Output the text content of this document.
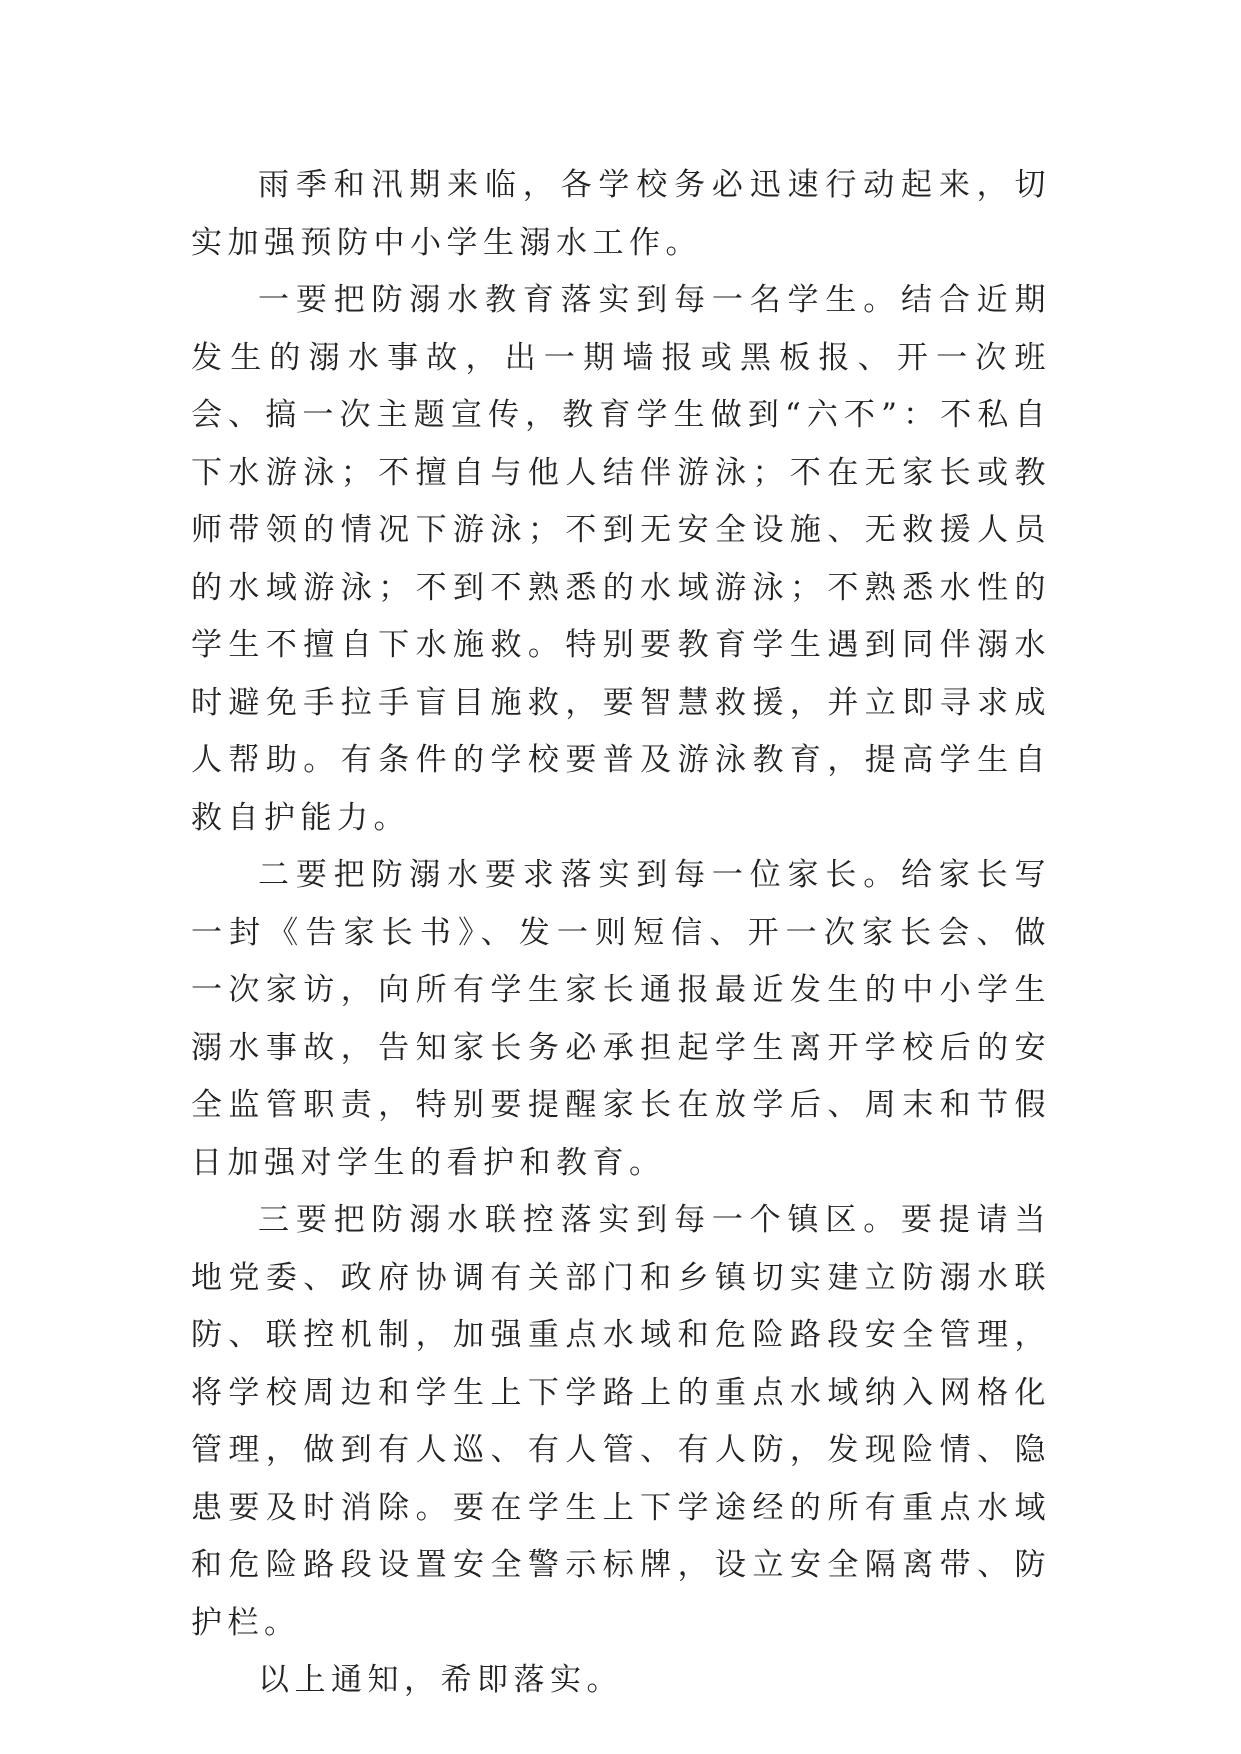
雨季和汛期来临，各学校务必迅速行动起来，切实加强预防中小学生溺水工作。

一要把防溺水教育落实到每一名学生。结合近期发生的溺水事故，出一期墙报或黑板报、开一次班会、搞一次主题宣传，教育学生做到“六不”：不私自下水游泳；不擅自与他人结伴游泳；不在无家长或教师带领的情况下游泳；不到无安全设施、无救援人员的水域游泳；不到不熟悉的水域游泳；不熟悉水性的学生不擅自下水施救。特别要教育学生遇到同伴溺水时避免手拉手盲目施救，要智慧救援，并立即寻求成人帮助。有条件的学校要普及游泳教育，提高学生自救自护能力。

二要把防溺水要求落实到每一位家长。给家长写一封《告家长书》、发一则短信、开一次家长会、做一次家访，向所有学生家长通报最近发生的中小学生溺水事故，告知家长务必承担起学生离开学校后的安全监管职责，特别要提醒家长在放学后、周末和节假日加强对学生的看护和教育。

三要把防溺水联控落实到每一个镇区。要提请当地党委、政府协调有关部门和乡镇切实建立防溺水联防、联控机制，加强重点水域和危险路段安全管理，将学校周边和学生上下学路上的重点水域纳入网格化管理，做到有人巡、有人管、有人防，发现险情、隐患要及时消除。要在学生上下学途经的所有重点水域和危险路段设置安全警示标牌，设立安全隔离带、防护栏。

以上通知，希即落实。
